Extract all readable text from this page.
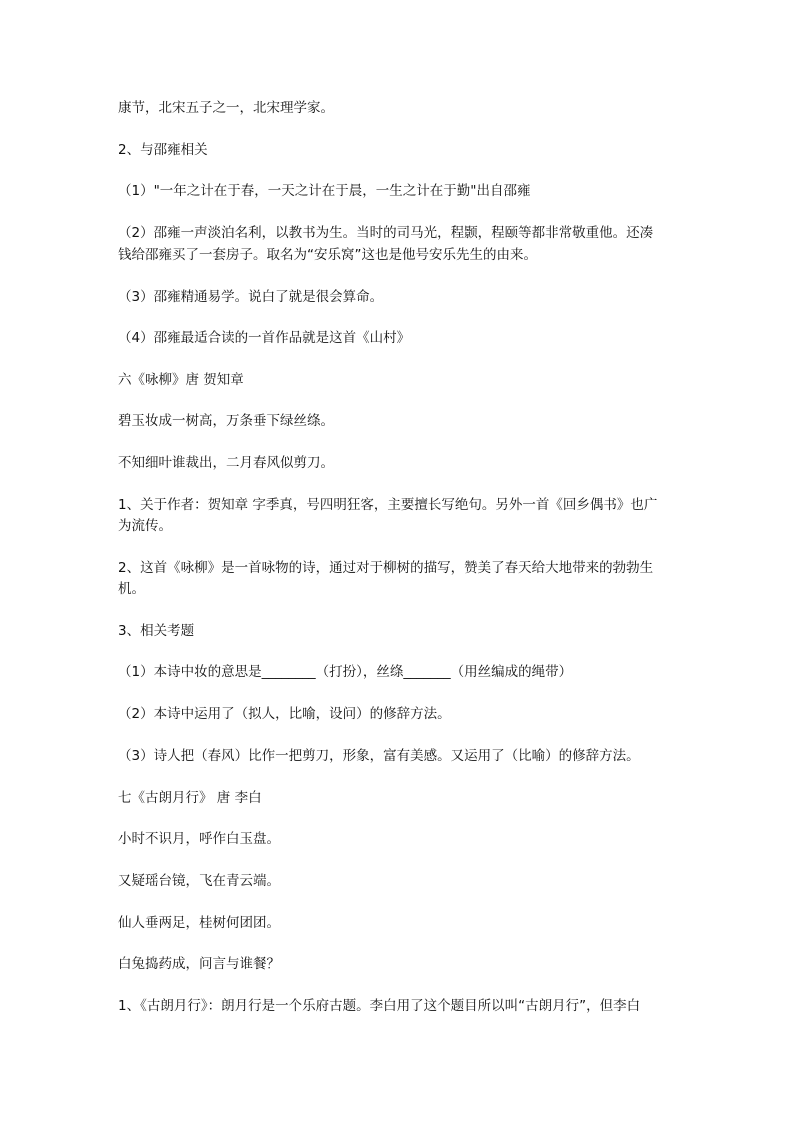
康节，北宋五子之一，北宋理学家。

2、与邵雍相关

（1）"一年之计在于春，一天之计在于晨，一生之计在于勤"出自邵雍

（2）邵雍一声淡泊名利，以教书为生。当时的司马光，程颢，程颐等都非常敬重他。还凑

钱给邵雍买了一套房子。取名为“安乐窝”这也是他号安乐先生的由来。

（3）邵雍精通易学。说白了就是很会算命。

（4）邵雍最适合读的一首作品就是这首《山村》

六《咏柳》唐 贺知章

碧玉妆成一树高，万条垂下绿丝绦。

不知细叶谁裁出，二月春风似剪刀。

1、关于作者：贺知章 字季真，号四明狂客，主要擅长写绝句。另外一首《回乡偶书》也广

为流传。

2、这首《咏柳》是一首咏物的诗，通过对于柳树的描写，赞美了春天给大地带来的勃勃生

机。

3、相关考题

（1）本诗中妆的意思是________（打扮），丝绦_______（用丝编成的绳带）

（2）本诗中运用了（拟人，比喻，设问）的修辞方法。

（3）诗人把（春风）比作一把剪刀，形象，富有美感。又运用了（比喻）的修辞方法。

七《古朗月行》 唐 李白

小时不识月，呼作白玉盘。

又疑瑶台镜，飞在青云端。

仙人垂两足，桂树何团团。

白兔捣药成，问言与谁餐？

1、《古朗月行》：朗月行是一个乐府古题。李白用了这个题目所以叫“古朗月行”，但李白
